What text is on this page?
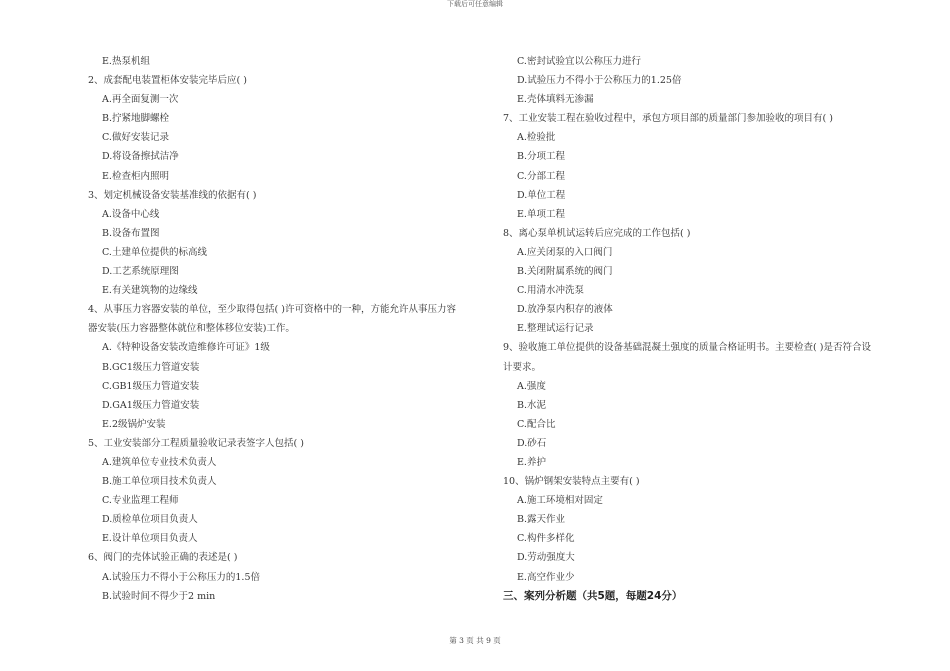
下载后可任意编辑
E.热泵机组
2、成套配电装置柜体安装完毕后应( )
A.再全面复测一次
B.拧紧地脚螺栓
C.做好安装记录
D.将设备擦拭洁净
E.检查柜内照明
3、划定机械设备安装基准线的依据有( )
A.设备中心线
B.设备布置图
C.土建单位提供的标高线
D.工艺系统原理图
E.有关建筑物的边缘线
4、从事压力容器安装的单位，至少取得包括( )许可资格中的一种，方能允许从事压力容
器安装(压力容器整体就位和整体移位安装)工作。
A.《特种设备安装改造维修许可证》1级
B.GC1级压力管道安装
C.GB1级压力管道安装
D.GA1级压力管道安装
E.2级锅炉安装
5、工业安装部分工程质量验收记录表签字人包括( )
A.建筑单位专业技术负责人
B.施工单位项目技术负责人
C.专业监理工程师
D.质检单位项目负责人
E.设计单位项目负责人
6、阀门的壳体试验正确的表述是( )
A.试验压力不得小于公称压力的1.5倍
B.试验时间不得少于2 min
C.密封试验宜以公称压力进行
D.试验压力不得小于公称压力的1.25倍
E.壳体填料无渗漏
7、工业安装工程在验收过程中，承包方项目部的质量部门参加验收的项目有( )
A.检验批
B.分项工程
C.分部工程
D.单位工程
E.单项工程
8、离心泵单机试运转后应完成的工作包括( )
A.应关闭泵的入口阀门
B.关闭附属系统的阀门
C.用清水冲洗泵
D.放净泵内积存的液体
E.整理试运行记录
9、验收施工单位提供的设备基础混凝土强度的质量合格证明书。主要检查( )是否符合设
计要求。
A.强度
B.水泥
C.配合比
D.砂石
E.养护
10、锅炉钢架安装特点主要有( )
A.施工环境相对固定
B.露天作业
C.构件多样化
D.劳动强度大
E.高空作业少
三、案列分析题（共5题，每题24分）
第 3 页 共 9 页
